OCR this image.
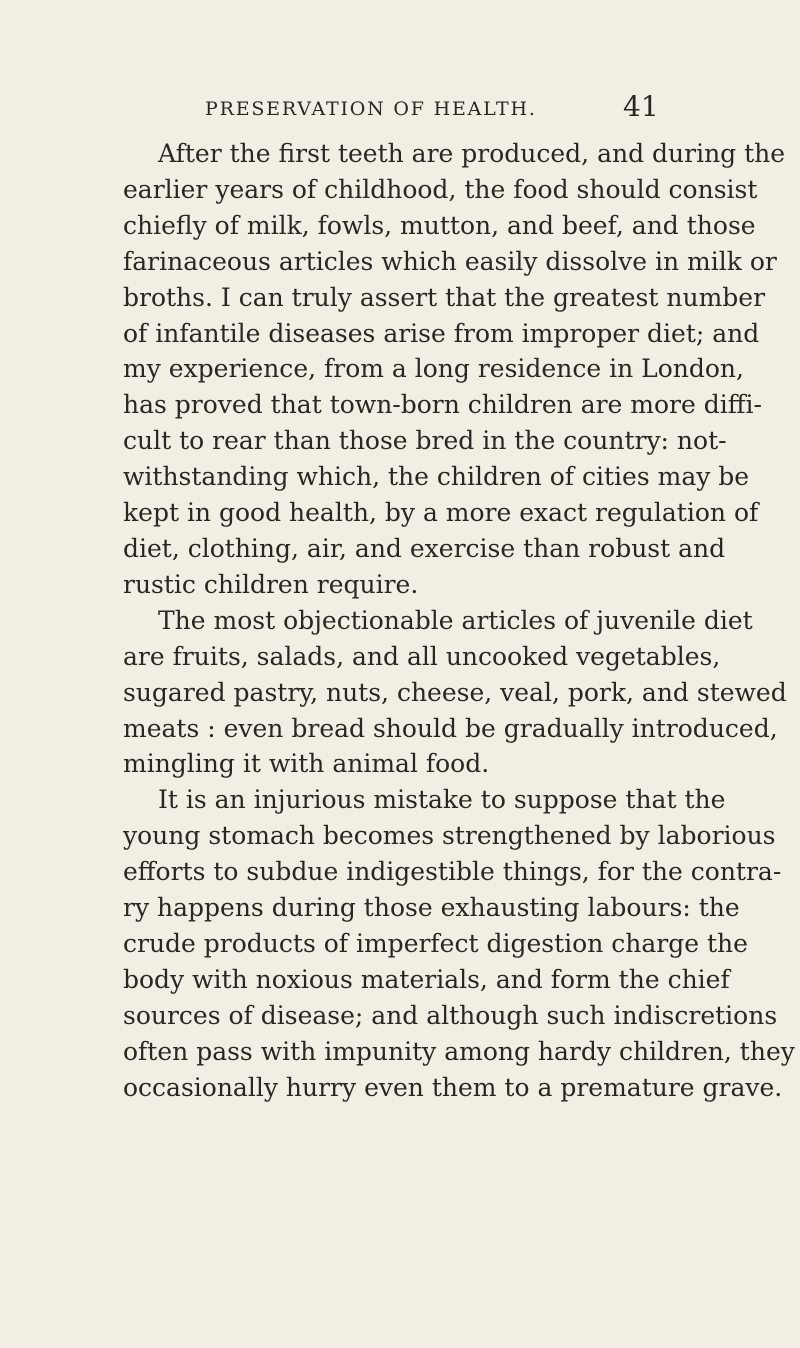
PRESERVATION OF HEALTH.	41
After the first teeth are produced, and during the
earlier years of childhood, the food should consist
chiefly of milk, fowls, mutton, and beef, and those
farinaceous articles which easily dissolve in milk or
broths. I can truly assert that the greatest number
of infantile diseases arise from improper diet; and
my experience, from a long residence in London,
has proved that town-born children are more diffi-
cult to rear than those bred in the country: not-
withstanding which, the children of cities may be
kept in good health, by a more exact regulation of
diet, clothing, air, and exercise than robust and
rustic children require.
The most objectionable articles of juvenile diet
are fruits, salads, and all uncooked vegetables,
sugared pastry, nuts, cheese, veal, pork, and stewed
meats : even bread should be gradually introduced,
mingling it with animal food.
It is an injurious mistake to suppose that the
young stomach becomes strengthened by laborious
efforts to subdue indigestible things, for the contra-
ry happens during those exhausting labours: the
crude products of imperfect digestion charge the
body with noxious materials, and form the chief
sources of disease; and although such indiscretions
often pass with impunity among hardy children, they
occasionally hurry even them to a premature grave.
